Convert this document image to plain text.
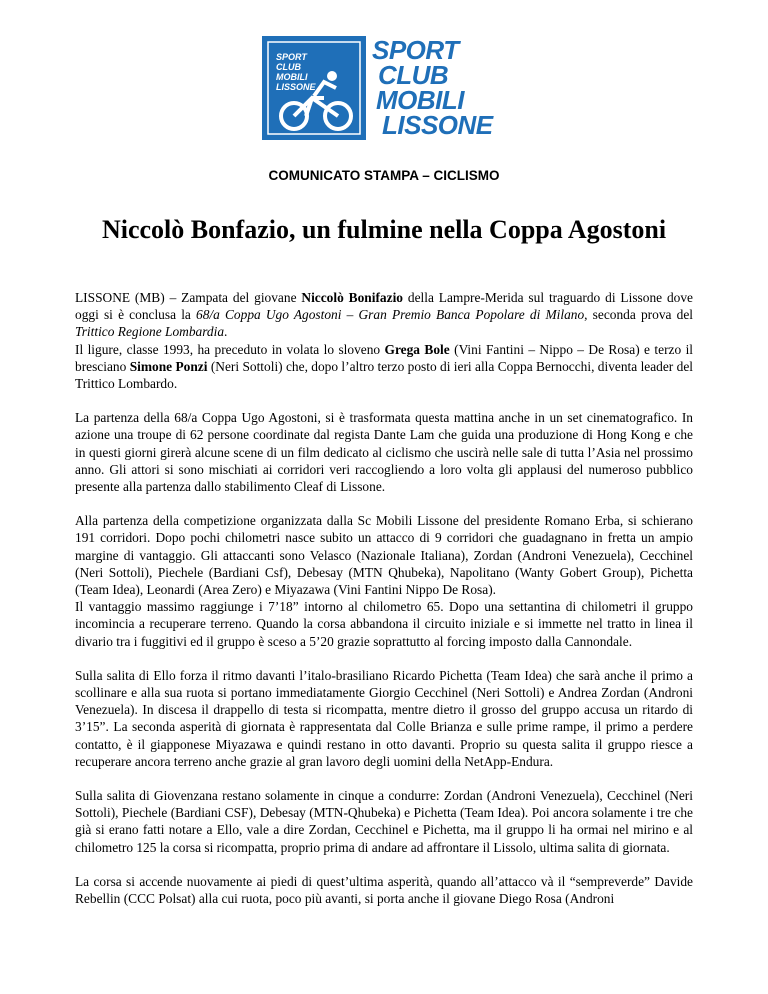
SPORT
CLUB
MOBILI
LISSONE
SPORT
CLUB
MOBILI
LISSONE
COMUNICATO STAMPA – CICLISMO
Niccolò Bonfazio, un fulmine nella Coppa Agostoni

LISSONE (MB) – Zampata del giovane Niccolò Bonifazio della Lampre-Merida sul traguardo di Lissone dove oggi si è conclusa la 68/a Coppa Ugo Agostoni – Gran Premio Banca Popolare di Milano, seconda prova del Trittico Regione Lombardia.
Il ligure, classe 1993, ha preceduto in volata lo sloveno Grega Bole (Vini Fantini – Nippo – De Rosa) e terzo il bresciano Simone Ponzi (Neri Sottoli) che, dopo l’altro terzo posto di ieri alla Coppa Bernocchi, diventa leader del Trittico Lombardo.

La partenza della 68/a Coppa Ugo Agostoni, si è trasformata questa mattina anche in un set cinematografico. In azione una troupe di 62 persone coordinate dal regista Dante Lam che guida una produzione di Hong Kong e che in questi giorni girerà alcune scene di un film dedicato al ciclismo che uscirà nelle sale di tutta l’Asia nel prossimo anno. Gli attori si sono mischiati ai corridori veri raccogliendo a loro volta gli applausi del numeroso pubblico presente alla partenza dallo stabilimento Cleaf di Lissone.

Alla partenza della competizione organizzata dalla Sc Mobili Lissone del presidente Romano Erba, si schierano 191 corridori. Dopo pochi chilometri nasce subito un attacco di 9 corridori che guadagnano in fretta un ampio margine di vantaggio. Gli attaccanti sono Velasco (Nazionale Italiana), Zordan (Androni Venezuela), Cecchinel (Neri Sottoli), Piechele (Bardiani Csf), Debesay (MTN Qhubeka), Napolitano (Wanty Gobert Group), Pichetta (Team Idea), Leonardi (Area Zero) e Miyazawa (Vini Fantini Nippo De Rosa).

Il vantaggio massimo raggiunge i 7’18” intorno al chilometro 65. Dopo una settantina di chilometri il gruppo incomincia a recuperare terreno. Quando la corsa abbandona il circuito iniziale e si immette nel tratto in linea il divario tra i fuggitivi ed il gruppo è sceso a 5’20 grazie soprattutto al forcing imposto dalla Cannondale.

Sulla salita di Ello forza il ritmo davanti l’italo-brasiliano Ricardo Pichetta (Team Idea) che sarà anche il primo a scollinare e alla sua ruota si portano immediatamente Giorgio Cecchinel (Neri Sottoli) e Andrea Zordan (Androni Venezuela). In discesa il drappello di testa si ricompatta, mentre dietro il grosso del gruppo accusa un ritardo di 3’15”. La seconda asperità di giornata è rappresentata dal Colle Brianza e sulle prime rampe, il primo a perdere contatto, è il giapponese Miyazawa e quindi restano in otto davanti. Proprio su questa salita il gruppo riesce a recuperare ancora terreno anche grazie al gran lavoro degli uomini della NetApp-Endura.

Sulla salita di Giovenzana restano solamente in cinque a condurre: Zordan (Androni Venezuela), Cecchinel (Neri Sottoli), Piechele (Bardiani CSF), Debesay (MTN-Qhubeka) e Pichetta (Team Idea). Poi ancora solamente i tre che già si erano fatti notare a Ello, vale a dire Zordan, Cecchinel e Pichetta, ma il gruppo li ha ormai nel mirino e al chilometro 125 la corsa si ricompatta, proprio prima di andare ad affrontare il Lissolo, ultima salita di giornata.

La corsa si accende nuovamente ai piedi di quest’ultima asperità, quando all’attacco và il “sempreverde” Davide Rebellin (CCC Polsat) alla cui ruota, poco più avanti, si porta anche il giovane Diego Rosa (Androni
